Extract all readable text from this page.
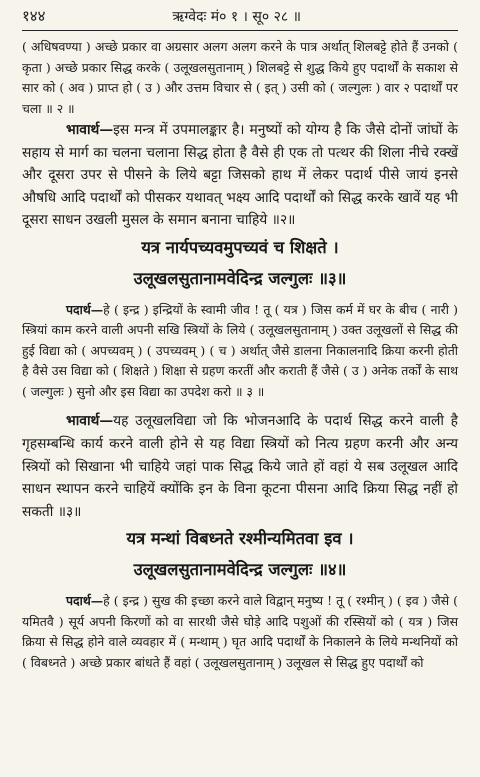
१४४	ऋग्वेदः मं० १ । सू० २८ ॥

( अधिषवण्या ) अच्छे प्रकार वा अग्रसार अलग अलग करने के पात्र अर्थात् शिलबट्टे होते हैं उनको ( कृता ) अच्छे प्रकार सिद्ध करके ( उलूखलसुतानाम् ) शिलबट्टे से शुद्ध किये हुए पदार्थों के सकाश से सार को ( अव ) प्राप्त हो ( उ ) और उत्तम विचार से ( इत् ) उसी को ( जल्गुलः ) वार २ पदार्थों पर चला ॥ २ ॥

भावार्थ—इस मन्त्र में उपमालङ्कार है। मनुष्यों को योग्य है कि जैसे दोनों जांघों के सहाय से मार्ग का चलना चलाना सिद्ध होता है वैसे ही एक तो पत्थर की शिला नीचे रक्खें और दूसरा उपर से पीसने के लिये बट्टा जिसको हाथ में लेकर पदार्थ पीसे जायं इनसे औषधि आदि पदार्थों को पीसकर यथावत् भक्ष्य आदि पदार्थों को सिद्ध करके खावें यह भी दूसरा साधन उखली मुसल के समान बनाना चाहिये ॥२॥

यत्र नार्यपच्यवमुपच्यवं च शिक्षते ।
उलूखलसुतानामवेदिन्द्र जल्गुलः ॥३॥

पदार्थ—हे ( इन्द्र ) इन्द्रियों के स्वामी जीव ! तू ( यत्र ) जिस कर्म में घर के बीच ( नारी ) स्त्रियां काम करने वाली अपनी सखि स्त्रियों के लिये ( उलूखलसुतानाम् ) उक्त उलूखलों से सिद्ध की हुई विद्या को ( अपच्यवम् ) ( उपच्यवम् ) ( च ) अर्थात् जैसे डालना निकालनादि क्रिया करनी होती है वैसे उस विद्या को ( शिक्षते ) शिक्षा से ग्रहण करतीं और कराती हैं जैसे ( उ ) अनेक तर्कों के साथ ( जल्गुलः ) सुनो और इस विद्या का उपदेश करो ॥ ३ ॥

भावार्थ—यह उलूखलविद्या जो कि भोजनआदि के पदार्थ सिद्ध करने वाली है गृहसम्बन्धि कार्य करने वाली होने से यह विद्या स्त्रियों को नित्य ग्रहण करनी और अन्य स्त्रियों को सिखाना भी चाहिये जहां पाक सिद्ध किये जाते हों वहां ये सब उलूखल आदि साधन स्थापन करने चाहियें क्योंकि इन के विना कूटना पीसना आदि क्रिया सिद्ध नहीं हो सकती ॥३॥

यत्र मन्थां विबध्नते रश्मीन्यमितवा इव ।
उलूखलसुतानामवेदिन्द्र जल्गुलः ॥४॥

पदार्थ—हे ( इन्द्र ) सुख की इच्छा करने वाले विद्वान् मनुष्य ! तू ( रश्मीन् ) ( इव ) जैसे ( यमितवै ) सूर्य अपनी किरणों को वा सारथी जैसे घोड़े आदि पशुओं की रस्सियों को ( यत्र ) जिस क्रिया से सिद्ध होने वाले व्यवहार में ( मन्थाम् ) घृत आदि पदार्थों के निकालने के लिये मन्थनियों को ( विबध्नते ) अच्छे प्रकार बांधते हैं वहां ( उलूखलसुतानाम् ) उलूखल से सिद्ध हुए पदार्थों को
